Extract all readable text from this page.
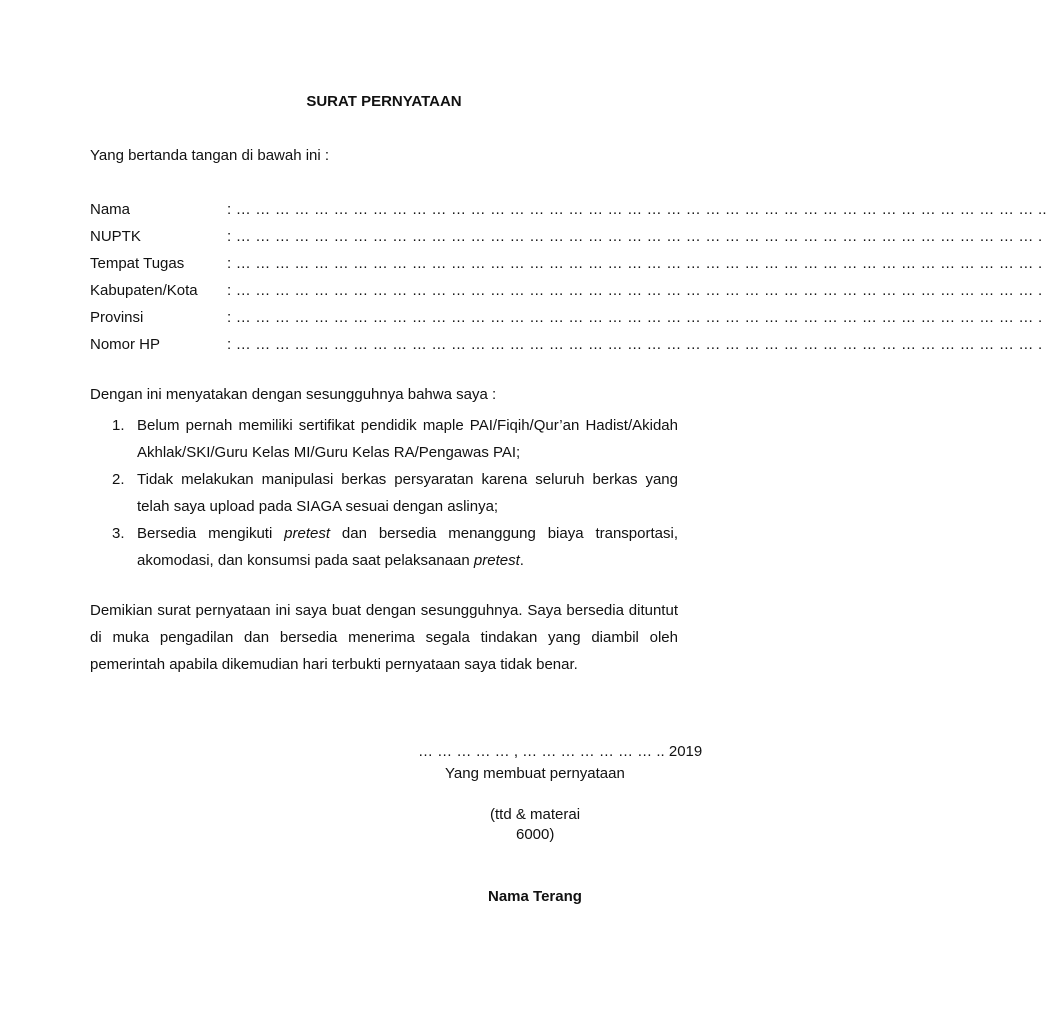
SURAT PERNYATAAN
Yang bertanda tangan di bawah ini :
Nama	: … … … … … … … … … … … … … … … … … … … … … … … … … … … … … … … … … … … … … … … … … ..
NUPTK	: … … … … … … … … … … … … … … … … … … … … … … … … … … … … … … … … … … … … … … … … … .
Tempat Tugas	: … … … … … … … … … … … … … … … … … … … … … … … … … … … … … … … … … … … … … … … … … .
Kabupaten/Kota : … … … … … … … … … … … … … … … … … … … … … … … … … … … … … … … … … … … … … … … … … .
Provinsi	: … … … … … … … … … … … … … … … … … … … … … … … … … … … … … … … … … … … … … … … … … .
Nomor HP	: … … … … … … … … … … … … … … … … … … … … … … … … … … … … … … … … … … … … … … … … … .
Dengan ini menyatakan dengan sesungguhnya bahwa saya :
1. Belum pernah memiliki sertifikat pendidik maple PAI/Fiqih/Qur’an Hadist/Akidah Akhlak/SKI/Guru Kelas MI/Guru Kelas RA/Pengawas PAI;
2. Tidak melakukan manipulasi berkas persyaratan karena seluruh berkas yang telah saya upload pada SIAGA sesuai dengan aslinya;
3. Bersedia mengikuti pretest dan bersedia menanggung biaya transportasi, akomodasi, dan konsumsi pada saat pelaksanaan pretest.
Demikian surat pernyataan ini saya buat dengan sesungguhnya. Saya bersedia dituntut di muka pengadilan dan bersedia menerima segala tindakan yang diambil oleh pemerintah apabila dikemudian hari terbukti pernyataan saya tidak benar.
… … … … … , … … … … … … … .. 2019
Yang membuat pernyataan
(ttd & materai
6000)
Nama Terang
